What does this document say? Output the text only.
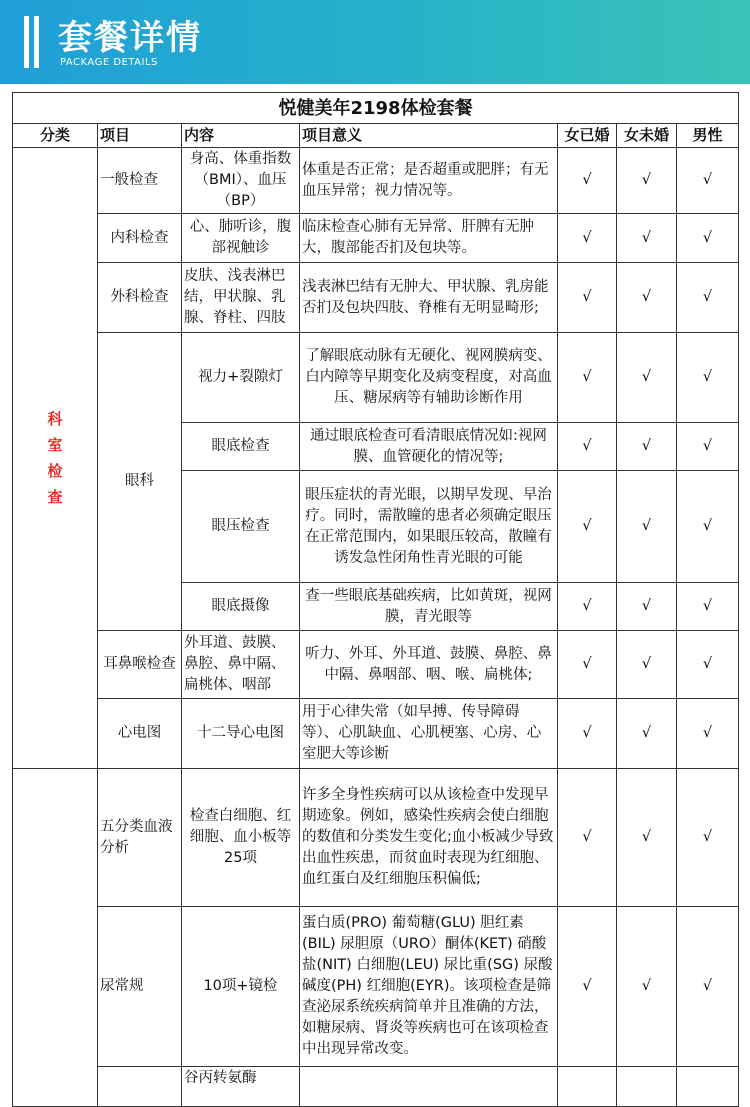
套餐详情
PACKAGE DETAILS
悦健美年2198体检套餐						
分类	项目	内容	项目意义	女已婚	女未婚	男性

科
室
检
查	一般检查	身高、体重指数（BMI）、血压（BP）	体重是否正常；是否超重或肥胖；有无血压异常；视力情况等。	√	√	√
	内科检查	心、肺听诊，腹部视触诊	临床检查心肺有无异常、肝脾有无肿大，腹部能否扪及包块等。	√	√	√
	外科检查	皮肤、浅表淋巴结，甲状腺、乳腺、脊柱、四肢	浅表淋巴结有无肿大、甲状腺、乳房能否扪及包块四肢、脊椎有无明显畸形;	√	√	√
	眼科	视力+裂隙灯	了解眼底动脉有无硬化、视网膜病变、白内障等早期变化及病变程度，对高血压、糖尿病等有辅助诊断作用	√	√	√
		眼底检查	通过眼底检查可看清眼底情况如:视网膜、血管硬化的情况等;	√	√	√
		眼压检查	眼压症状的青光眼，以期早发现、早治疗。同时，需散瞳的患者必须确定眼压在正常范围内，如果眼压较高，散瞳有诱发急性闭角性青光眼的可能	√	√	√
		眼底摄像	查一些眼底基础疾病，比如黄斑，视网膜，青光眼等	√	√	√
	耳鼻喉检查	外耳道、鼓膜、鼻腔、鼻中隔、扁桃体、咽部	听力、外耳、外耳道、鼓膜、鼻腔、鼻中隔、鼻咽部、咽、喉、扁桃体;	√	√	√
	心电图	十二导心电图	用于心律失常（如早搏、传导障碍等）、心肌缺血、心肌梗塞、心房、心室肥大等诊断	√	√	√
	五分类血液分析	检查白细胞、红细胞、血小板等25项	许多全身性疾病可以从该检查中发现早期迹象。例如，感染性疾病会使白细胞的数值和分类发生变化;血小板减少导致出血性疾患，而贫血时表现为红细胞、血红蛋白及红细胞压积偏低;	√	√	√
	尿常规	10项+镜检	蛋白质(PRO) 葡萄糖(GLU) 胆红素(BIL) 尿胆原（URO）酮体(KET) 硝酸盐(NIT) 白细胞(LEU) 尿比重(SG) 尿酸碱度(PH) 红细胞(EYR)。该项检查是筛查泌尿系统疾病简单并且准确的方法，如糖尿病、肾炎等疾病也可在该项检查中出现异常改变。	√	√	√
		谷丙转氨酶				
